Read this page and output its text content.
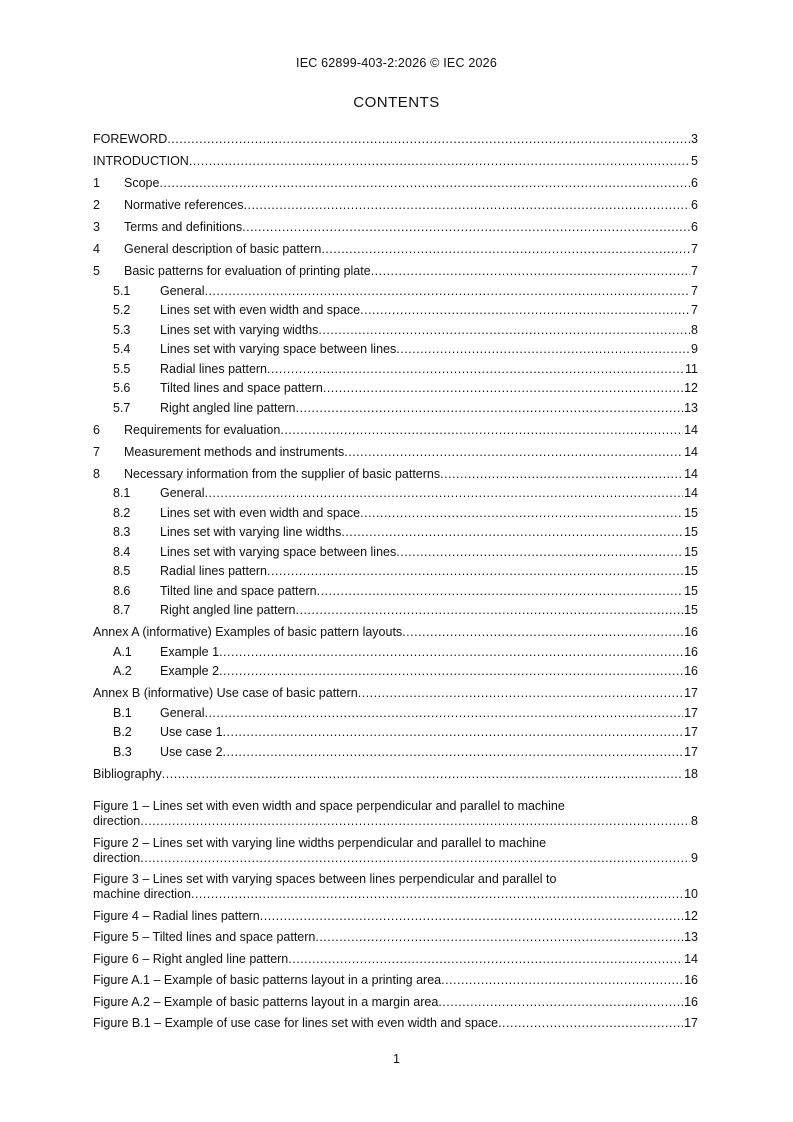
IEC 62899-403-2:2026 © IEC 2026
CONTENTS
FOREWORD .....	3
INTRODUCTION .....	5
1	Scope .....	6
2	Normative references .....	6
3	Terms and definitions .....	6
4	General description of basic pattern .....	7
5	Basic patterns for evaluation of printing plate .....	7
5.1	General .....	7
5.2	Lines set with even width and space .....	7
5.3	Lines set with varying widths .....	8
5.4	Lines set with varying space between lines .....	9
5.5	Radial lines pattern .....	11
5.6	Tilted lines and space pattern .....	12
5.7	Right angled line pattern .....	13
6	Requirements for evaluation .....	14
7	Measurement methods and instruments .....	14
8	Necessary information from the supplier of basic patterns .....	14
8.1	General .....	14
8.2	Lines set with even width and space .....	15
8.3	Lines set with varying line widths .....	15
8.4	Lines set with varying space between lines .....	15
8.5	Radial lines pattern .....	15
8.6	Tilted line and space pattern .....	15
8.7	Right angled line pattern .....	15
Annex A (informative) Examples of basic pattern layouts .....	16
A.1	Example 1 .....	16
A.2	Example 2 .....	16
Annex B (informative) Use case of basic pattern .....	17
B.1	General .....	17
B.2	Use case 1 .....	17
B.3	Use case 2 .....	17
Bibliography .....	18
Figure 1 – Lines set with even width and space perpendicular and parallel to machine
direction .....	8
Figure 2 – Lines set with varying line widths perpendicular and parallel to machine
direction .....	9
Figure 3 – Lines set with varying spaces between lines perpendicular and parallel to
machine direction .....	10
Figure 4 – Radial lines pattern .....	12
Figure 5 – Tilted lines and space pattern .....	13
Figure 6 – Right angled line pattern .....	14
Figure A.1 – Example of basic patterns layout in a printing area .....	16
Figure A.2 – Example of basic patterns layout in a margin area .....	16
Figure B.1 – Example of use case for lines set with even width and space .....	17
1
